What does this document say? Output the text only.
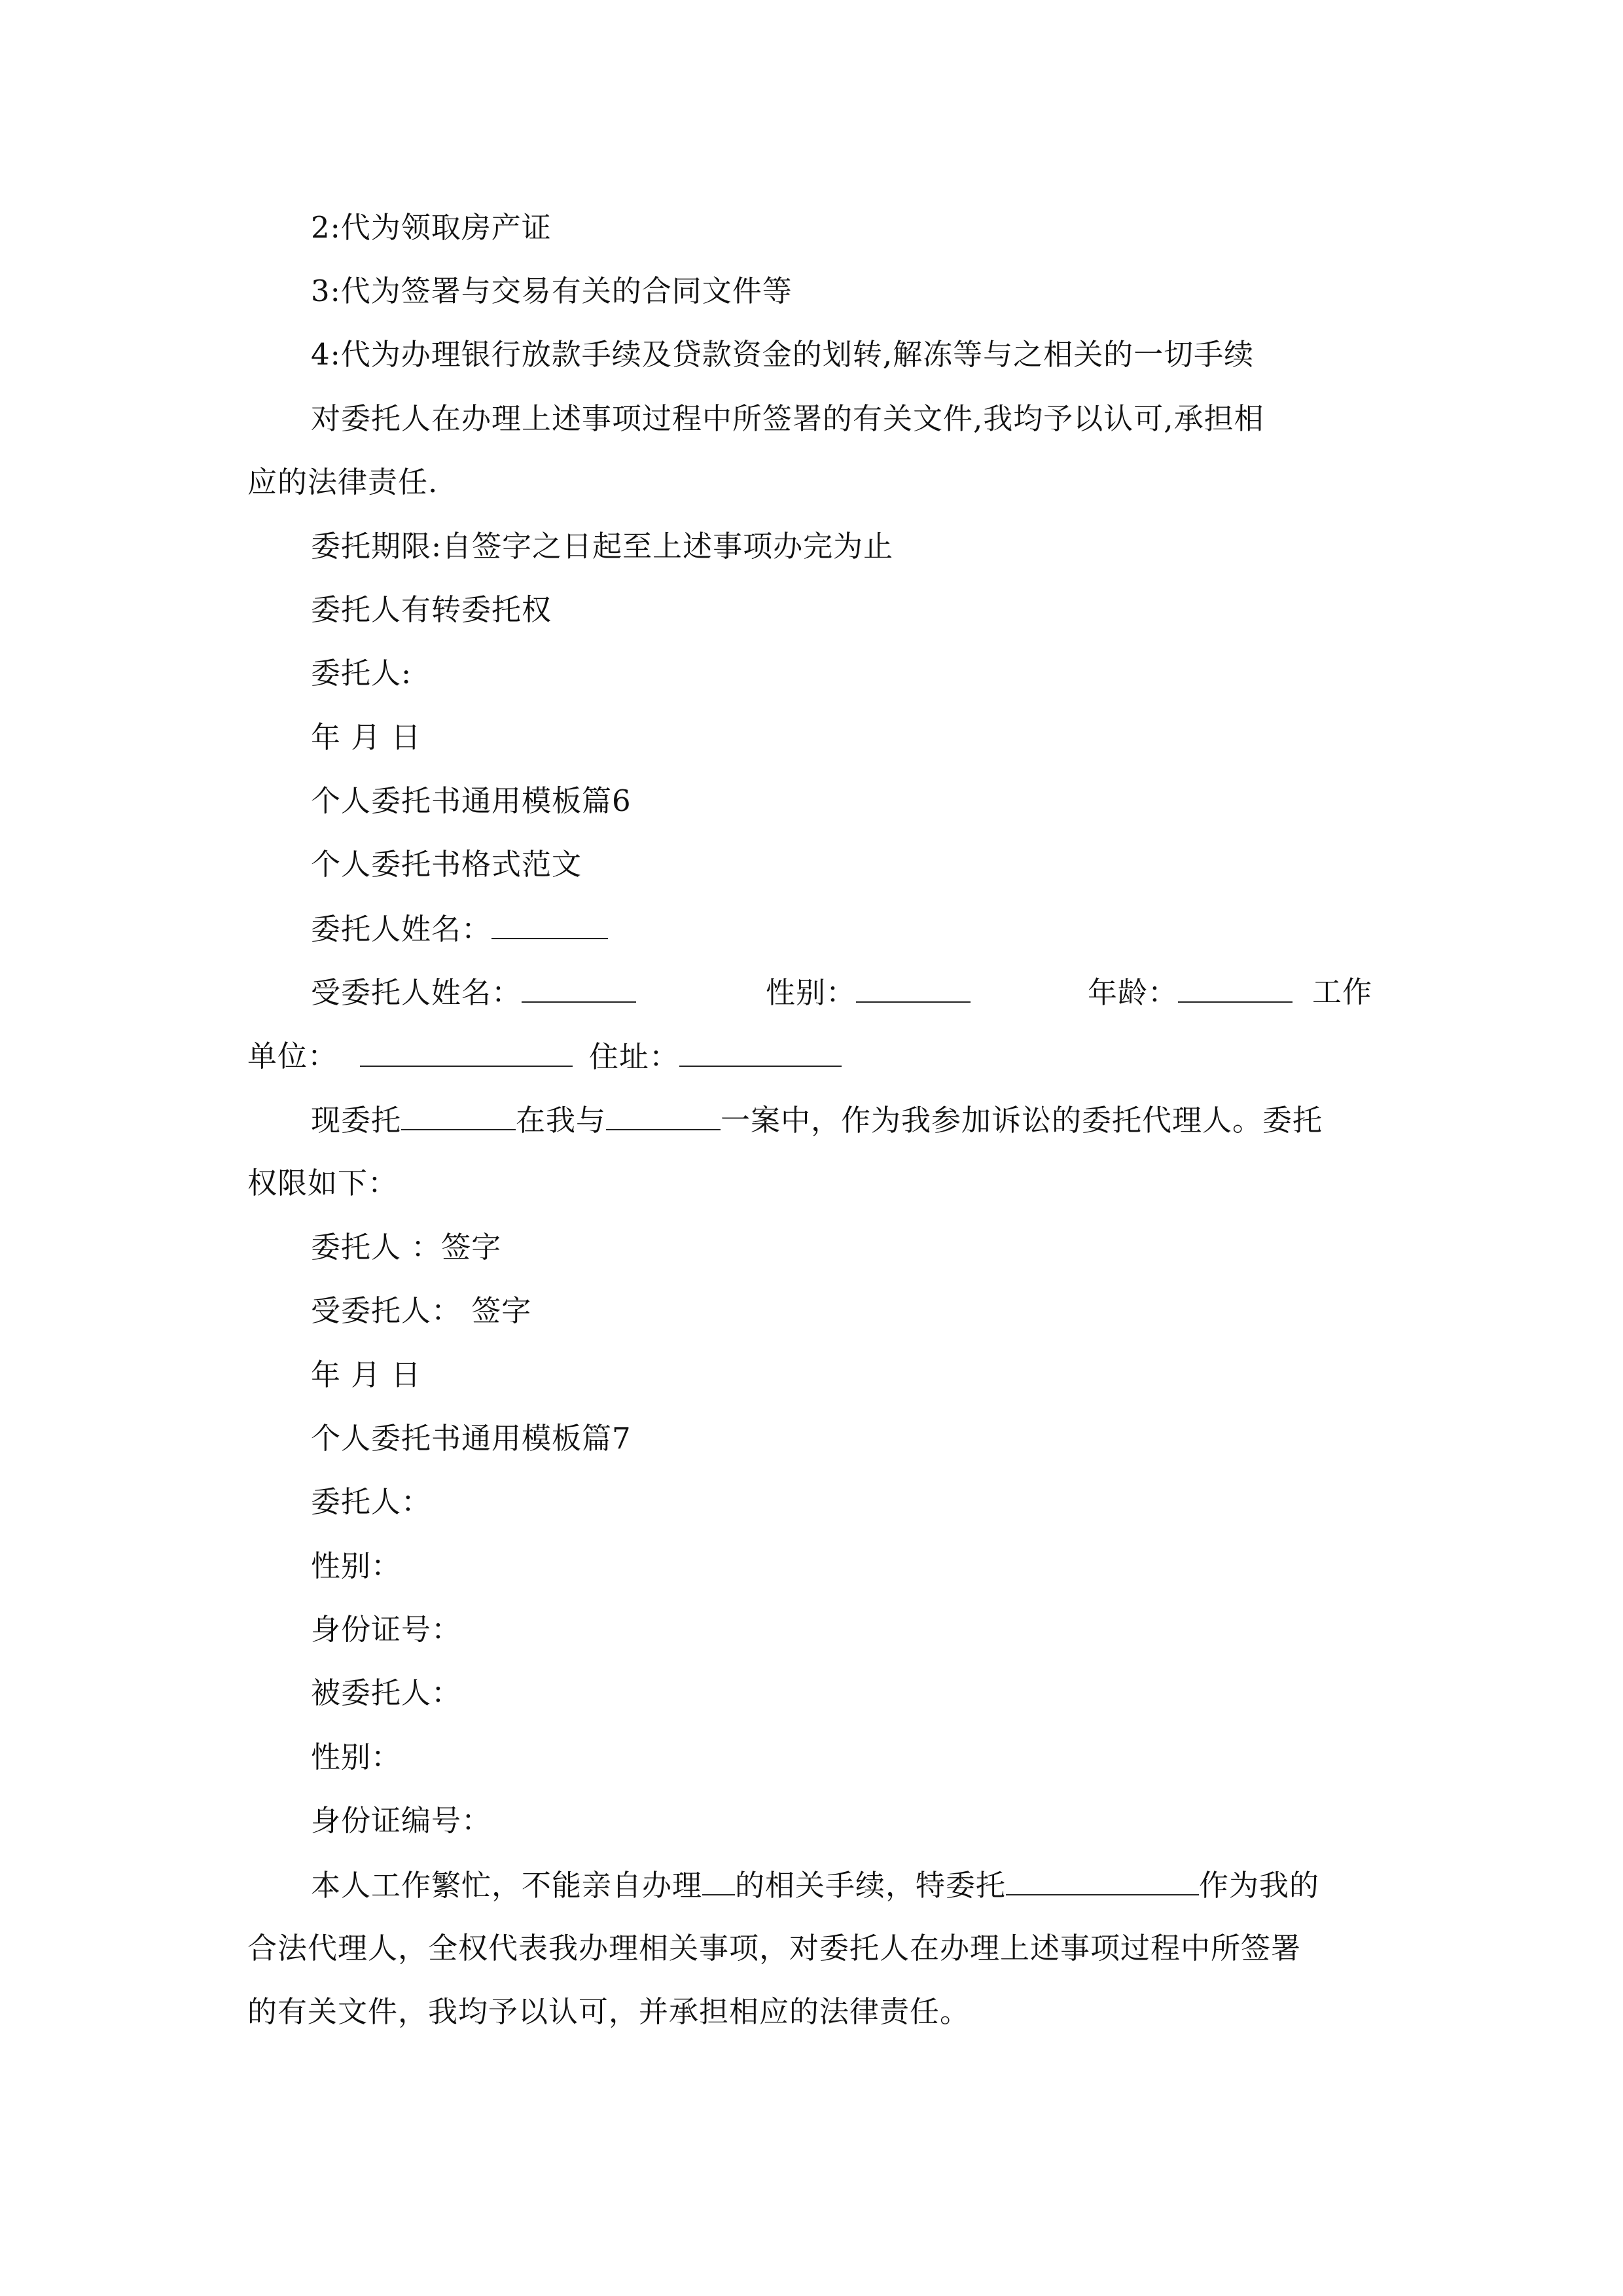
2:代为领取房产证
3:代为签署与交易有关的合同文件等
4:代为办理银行放款手续及贷款资金的划转,解冻等与之相关的一切手续
对委托人在办理上述事项过程中所签署的有关文件,我均予以认可,承担相
应的法律责任.
委托期限:自签字之日起至上述事项办完为止
委托人有转委托权
委托人:
年 月 日
个人委托书通用模板篇6
个人委托书格式范文
委托人姓名：
受委托人姓名：	性别：	年龄：	工作
单位：	住址：
现委托	在我与	一案中，作为我参加诉讼的委托代理人。委托
权限如下：
委托人 ：签字
受委托人： 签字
年 月 日
个人委托书通用模板篇7
委托人：
性别：
身份证号：
被委托人：
性别：
身份证编号：
本人工作繁忙，不能亲自办理 的相关手续，特委托	作为我的
合法代理人，全权代表我办理相关事项，对委托人在办理上述事项过程中所签署
的有关文件，我均予以认可，并承担相应的法律责任。
